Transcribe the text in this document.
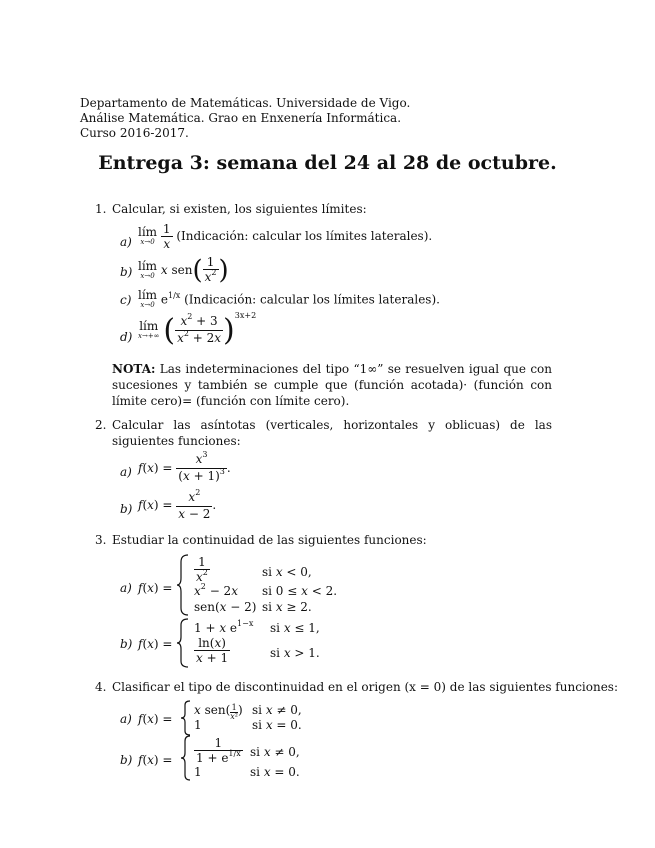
Departamento de Matemáticas. Universidade de Vigo.
Análise Matemática. Grao en Enxenería Informática.
Curso 2016-2017.
Entrega 3: semana del 24 al 28 de octubre.
1. Calcular, si existen, los siguientes límites:
a)
lím
x→0
$\frac{1}{x}$ (Indicación: calcular los límites laterales).
b) lím
x→0 x $sen( \frac{1}{x^2}$ )
c) lím
x→0 $e^{1/x}$ (Indicación: calcular los límites laterales).
d)
lím
x→+∞ ( $\frac{x^2 + 3}{x^2 + 2x} )^{3x+2}$
NOTA: Las indeterminaciones del tipo “1∞” se resuelven igual que con sucesiones y también se cumple que (función acotada)· (función con límite cero)= (función con límite cero).
2. Calcular las asíntotas (verticales, horizontales y oblicuas) de las siguientes funciones:
a) $f(x) = \frac{x^3}{(x + 1)^3}$ .
b) $f(x) = \frac{x^2}{x - 2}$ .
3. Estudiar la continuidad de las siguientes funciones:
a) f(x) =
$\frac{1}{x^2}$	si x < 0,
$x^2 - 2x$ si 0 ≤ x < 2.
sen(x − 2) si x ≥ 2.
b) f(x) =
1 + x $e^{1-x}$ si x ≤ 1,
$\frac{\ln(x)}{x + 1}$	si x > 1.
4. Clasificar el tipo de discontinuidad en el origen (x = 0) de las siguientes funciones:
a) f(x) =
x $sen( \frac{1}{\text{x²}}$ ) si x ≠ 0,
1	si x = 0.
b) $f(x) = \frac{1}{1 + e^{1/x}}$ si x ≠ 0,
1	si x = 0.
